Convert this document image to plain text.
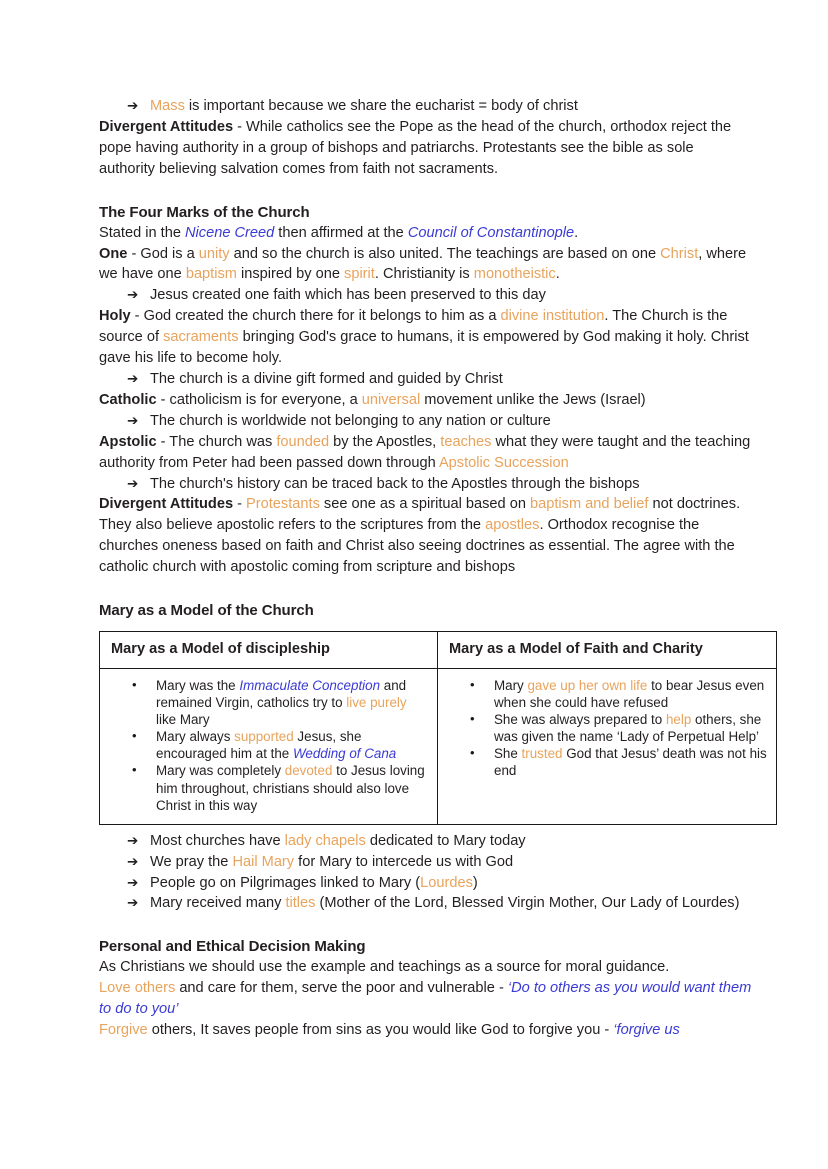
➔ Mass is important because we share the eucharist = body of christ

Divergent Attitudes - While catholics see the Pope as the head of the church, orthodox reject the pope having authority in a group of bishops and patriarchs. Protestants see the bible as sole authority believing salvation comes from faith not sacraments.

The Four Marks of the Church

Stated in the Nicene Creed then affirmed at the Council of Constantinople.

One - God is a unity and so the church is also united. The teachings are based on one Christ, where we have one baptism inspired by one spirit. Christianity is monotheistic.

➔ Jesus created one faith which has been preserved to this day

Holy - God created the church there for it belongs to him as a divine institution. The Church is the source of sacraments bringing God's grace to humans, it is empowered by God making it holy. Christ gave his life to become holy.

➔ The church is a divine gift formed and guided by Christ

Catholic - catholicism is for everyone, a universal movement unlike the Jews (Israel)

➔ The church is worldwide not belonging to any nation or culture

Apstolic - The church was founded by the Apostles, teaches what they were taught and the teaching authority from Peter had been passed down through Apstolic Succession

➔ The church's history can be traced back to the Apostles through the bishops

Divergent Attitudes - Protestants see one as a spiritual based on baptism and belief not doctrines. They also believe apostolic refers to the scriptures from the apostles. Orthodox recognise the churches oneness based on faith and Christ also seeing doctrines as essential. The agree with the catholic church with apostolic coming from scripture and bishops

Mary as a Model of the Church
Mary as a Model of discipleship	Mary as a Model of Faith and Charity

• Mary was the Immaculate Conception and remained Virgin, catholics try to live purely like Mary
• Mary always supported Jesus, she encouraged him at the Wedding of Cana
• Mary was completely devoted to Jesus loving him throughout, christians should also love Christ in this way

• Mary gave up her own life to bear Jesus even when she could have refused
• She was always prepared to help others, she was given the name ‘Lady of Perpetual Help’
• She trusted God that Jesus’ death was not his end
➔ Most churches have lady chapels dedicated to Mary today
➔ We pray the Hail Mary for Mary to intercede us with God
➔ People go on Pilgrimages linked to Mary (Lourdes)
➔ Mary received many titles (Mother of the Lord, Blessed Virgin Mother, Our Lady of Lourdes)
Personal and Ethical Decision Making

As Christians we should use the example and teachings as a source for moral guidance.

Love others and care for them, serve the poor and vulnerable - ‘Do to others as you would want them to do to you’

Forgive others, It saves people from sins as you would like God to forgive you - ‘forgive us
